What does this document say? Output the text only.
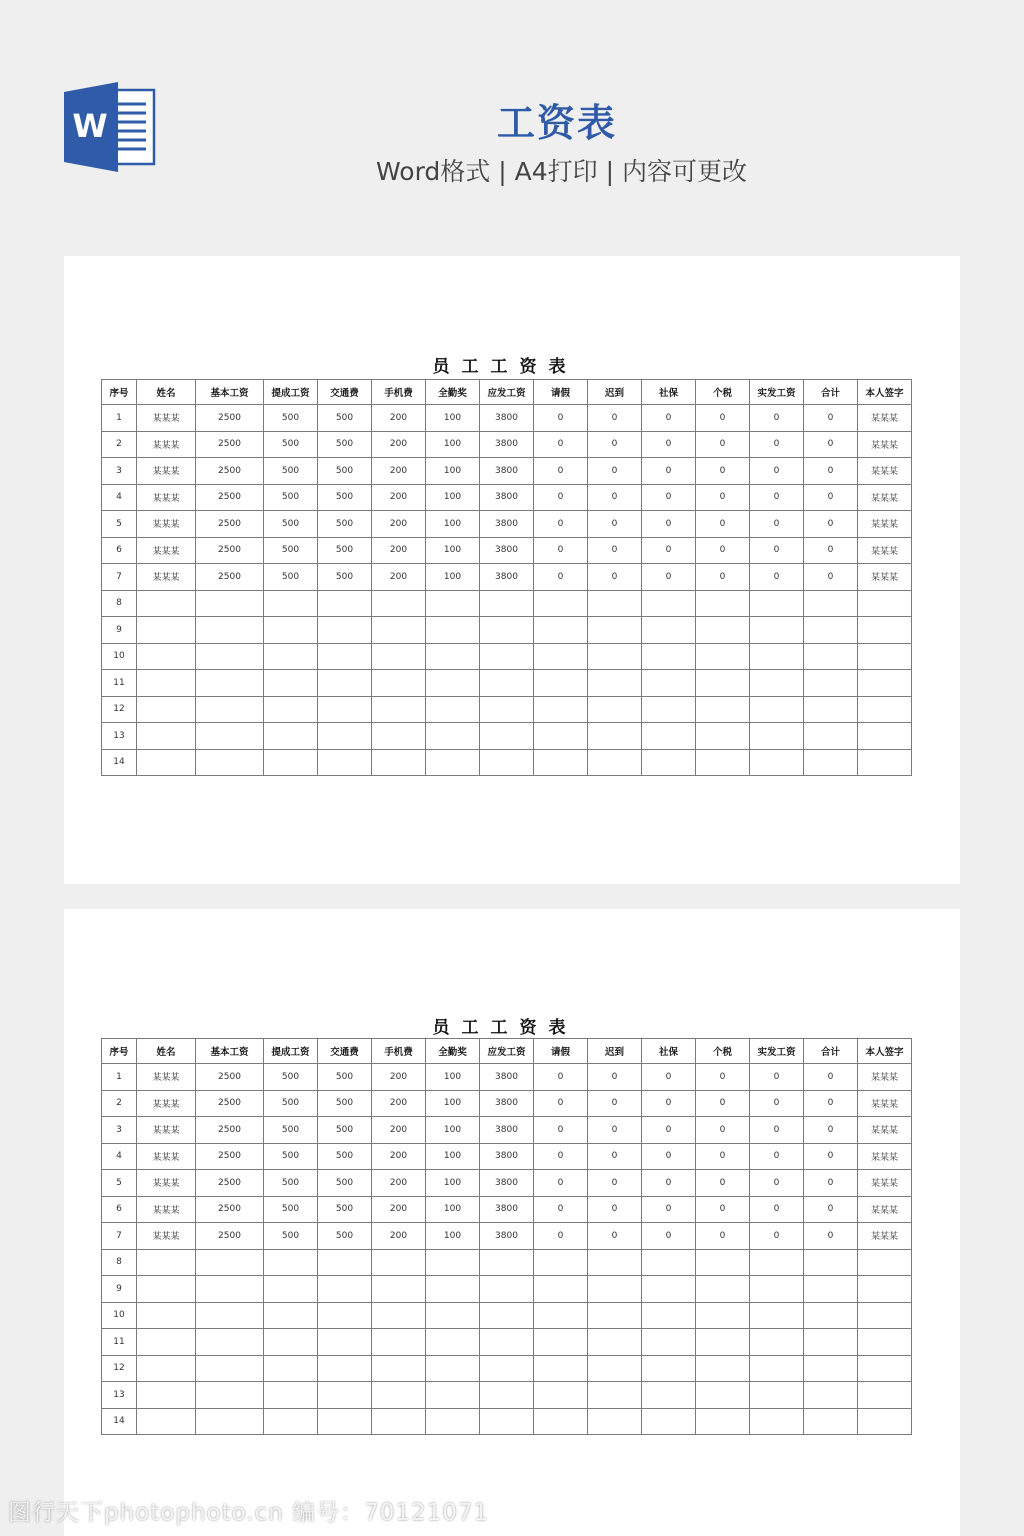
W	工资表
Word格式 | A4打印 | 内容可更改
员工工资表
序号	姓名	基本工资	提成工资	交通费	手机费	全勤奖	应发工资	请假	迟到	社保	个税	实发工资	合计	本人签字
1	某某某	2500	500	500	200	100	3800	0	0	0	0	0	0	某某某
2	某某某	2500	500	500	200	100	3800	0	0	0	0	0	0	某某某
3	某某某	2500	500	500	200	100	3800	0	0	0	0	0	0	某某某
4	某某某	2500	500	500	200	100	3800	0	0	0	0	0	0	某某某
5	某某某	2500	500	500	200	100	3800	0	0	0	0	0	0	某某某
6	某某某	2500	500	500	200	100	3800	0	0	0	0	0	0	某某某
7	某某某	2500	500	500	200	100	3800	0	0	0	0	0	0	某某某
8														
9														
10														
11														
12														
13														
14														
员工工资表
序号	姓名	基本工资	提成工资	交通费	手机费	全勤奖	应发工资	请假	迟到	社保	个税	实发工资	合计	本人签字
1	某某某	2500	500	500	200	100	3800	0	0	0	0	0	0	某某某
2	某某某	2500	500	500	200	100	3800	0	0	0	0	0	0	某某某
3	某某某	2500	500	500	200	100	3800	0	0	0	0	0	0	某某某
4	某某某	2500	500	500	200	100	3800	0	0	0	0	0	0	某某某
5	某某某	2500	500	500	200	100	3800	0	0	0	0	0	0	某某某
6	某某某	2500	500	500	200	100	3800	0	0	0	0	0	0	某某某
7	某某某	2500	500	500	200	100	3800	0	0	0	0	0	0	某某某
8														
9														
10														
11														
12														
13														
14														
图行天下photophoto.cn 编号：70121071
